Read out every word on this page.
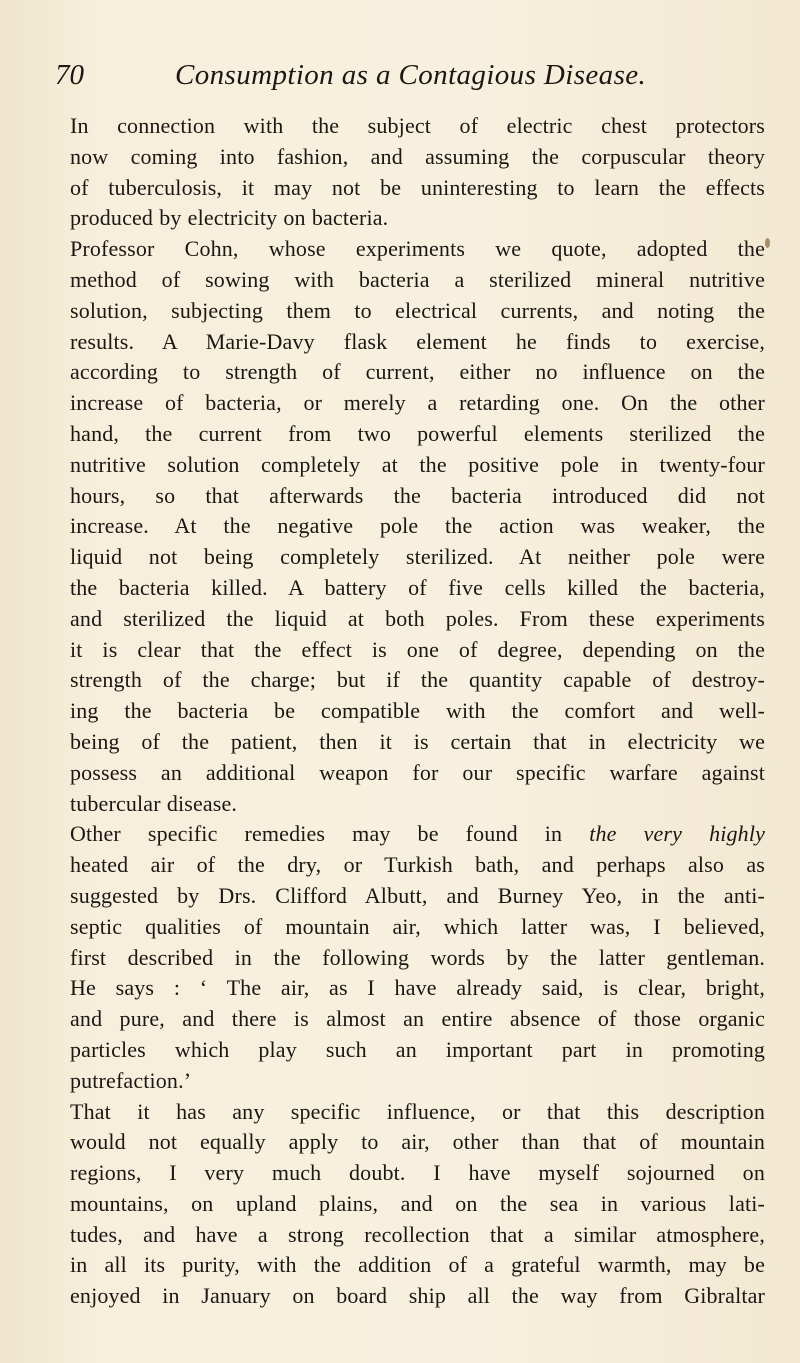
70	Consumption as a Contagious Disease.

In connection with the subject of electric chest protectors
now coming into fashion, and assuming the corpuscular theory
of tuberculosis, it may not be uninteresting to learn the effects
produced by electricity on bacteria.

Professor Cohn, whose experiments we quote, adopted the
method of sowing with bacteria a sterilized mineral nutritive
solution, subjecting them to electrical currents, and noting the
results. A Marie-Davy flask element he finds to exercise,
according to strength of current, either no influence on the
increase of bacteria, or merely a retarding one. On the other
hand, the current from two powerful elements sterilized the
nutritive solution completely at the positive pole in twenty-four
hours, so that afterwards the bacteria introduced did not
increase. At the negative pole the action was weaker, the
liquid not being completely sterilized. At neither pole were
the bacteria killed. A battery of five cells killed the bacteria,
and sterilized the liquid at both poles. From these experiments
it is clear that the effect is one of degree, depending on the
strength of the charge; but if the quantity capable of destroy-
ing the bacteria be compatible with the comfort and well-
being of the patient, then it is certain that in electricity we
possess an additional weapon for our specific warfare against
tubercular disease.

Other specific remedies may be found in the very highly
heated air of the dry, or Turkish bath, and perhaps also as
suggested by Drs. Clifford Albutt, and Burney Yeo, in the anti-
septic qualities of mountain air, which latter was, I believed,
first described in the following words by the latter gentleman.
He says : ‘ The air, as I have already said, is clear, bright,
and pure, and there is almost an entire absence of those organic
particles which play such an important part in promoting
putrefaction.’

That it has any specific influence, or that this description
would not equally apply to air, other than that of mountain
regions, I very much doubt. I have myself sojourned on
mountains, on upland plains, and on the sea in various lati-
tudes, and have a strong recollection that a similar atmosphere,
in all its purity, with the addition of a grateful warmth, may be
enjoyed in January on board ship all the way from Gibraltar
